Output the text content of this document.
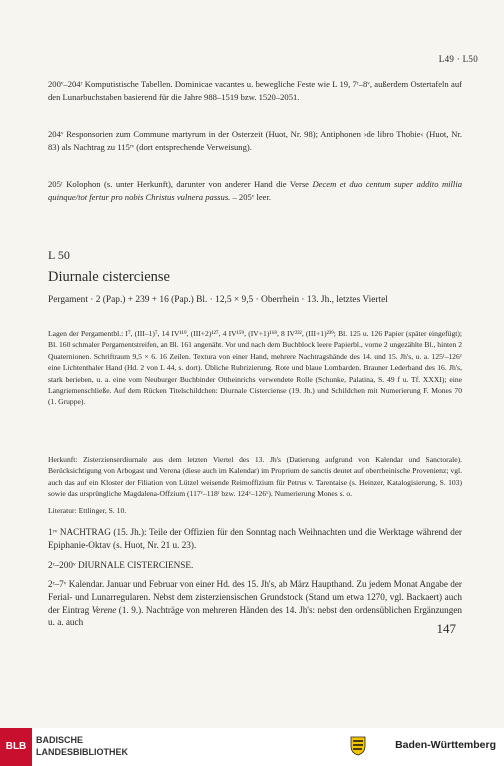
L49 · L50

200ᵛ–204ʳ Komputistische Tabellen. Dominicae vacantes u. bewegliche Feste wie L 19, 7ʳ–8ᵛ, außerdem Ostertafeln auf den Lunarbuchstaben basierend für die Jahre 988–1519 bzw. 1520–2051.

204ᵛ Responsorien zum Commune martyrum in der Osterzeit (Huot, Nr. 98); Antiphonen ›de libro Thobie‹ (Huot, Nr. 83) als Nachtrag zu 115ʳᵛ (dort entsprechende Verweisung).

205ʳ Kolophon (s. unter Herkunft), darunter von anderer Hand die Verse Decem et duo centum super addito millia quinque/tot fertur pro nobis Christus vulnera passus. – 205ᵛ leer.

L 50
Diurnale cisterciense
Pergament · 2 (Pap.) + 239 + 16 (Pap.) Bl. · 12,5 × 9,5 · Oberrhein · 13. Jh., letztes Viertel

Lagen der Pergamentbl.: I⁷, (III–1)⁷, 14 IV¹¹⁹, (III+2)¹²⁷, 4 IV¹⁵⁹, (IV+1)¹⁶⁸, 8 IV²³², (III+1)²³⁹; Bl. 125 u. 126 Papier (später eingefügt); Bl. 160 schmaler Pergamentstreifen, an Bl. 161 angenäht. Vor und nach dem Buchblock leere Papierbl., vorne 2 ungezählte Bl., hinten 2 Quaternionen. Schriftraum 9,5 × 6. 16 Zeilen. Textura von einer Hand, mehrere Nachtragshände des 14. und 15. Jh's, u. a. 125ʳ–126ᵛ eine Lichtenthaler Hand (Hd. 2 von L 44, s. dort). Übliche Rubrizierung. Rote und blaue Lombarden. Brauner Lederband des 16. Jh's, stark berieben, u. a. eine vom Neuburger Buchbinder Ottheinrichs verwendete Rolle (Schunke, Palatina, S. 49 f u. Tf. XXXI); eine Langriemenschließe. Auf dem Rücken Titelschildchen: Diurnale Cisterciense (19. Jh.) und Schildchen mit Numerierung F. Mones 70 (1. Gruppe).

Herkunft: Zisterzienserdiurnale aus dem letzten Viertel des 13. Jh's (Datierung aufgrund von Kalendar und Sanctorale). Berücksichtigung von Arbogast und Verena (diese auch im Kalendar) im Proprium de sanctis deutet auf oberrheinische Provenienz; vgl. auch das auf ein Kloster der Filiation von Lützel weisende Reimoffizium für Petrus v. Tarentaise (s. Heinzer, Katalogisierung, S. 103) sowie das ursprüngliche Magdalena-Offzium (117ᵛ–118ʳ bzw. 124ᵛ–126ᵛ). Numerierung Mones s. o.

Literatur: Ettlinger, S. 10.

1ʳᵛ NACHTRAG (15. Jh.): Teile der Offizien für den Sonntag nach Weihnachten und die Werktage während der Epiphanie-Oktav (s. Huot, Nr. 21 u. 23).

2ʳ–200ᵛ DIURNALE CISTERCIENSE.

2ʳ–7ᵛ Kalendar. Januar und Februar von einer Hd. des 15. Jh's, ab März Haupthand. Zu jedem Monat Angabe der Ferial- und Lunarregularen. Nebst dem zisterziensischen Grundstock (Stand um etwa 1270, vgl. Backaert) auch der Eintrag Verene (1. 9.). Nachträge von mehreren Händen des 14. Jh's: nebst den ordensüblichen Ergänzungen u. a. auch	147
BLB
BADISCHE
LANDESBIBLIOTHEK
Baden-Württemberg
